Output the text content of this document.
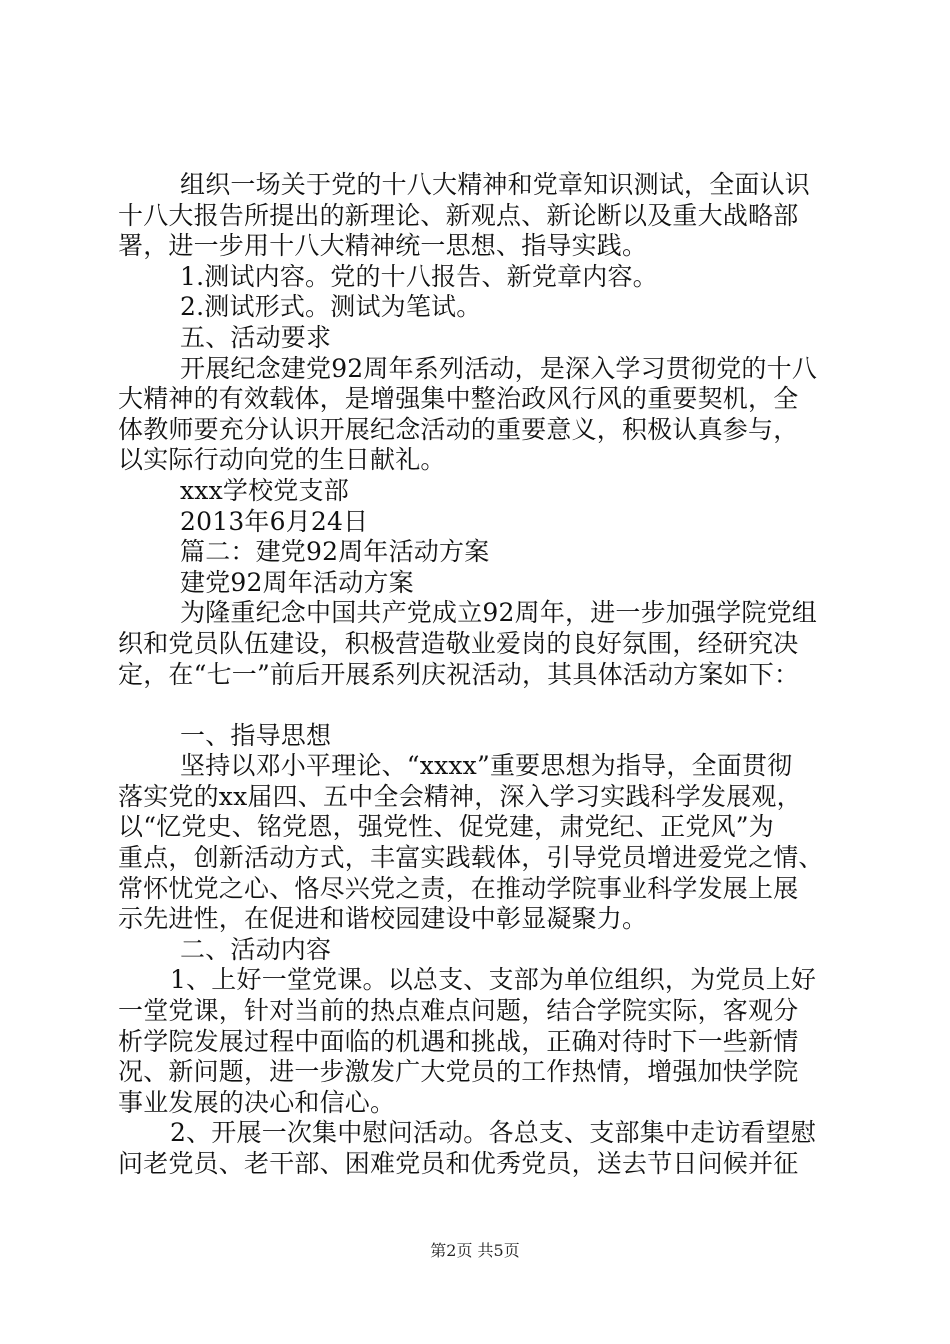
组织一场关于党的十八大精神和党章知识测试，全面认识
十八大报告所提出的新理论、新观点、新论断以及重大战略部
署，进一步用十八大精神统一思想、指导实践。
1.测试内容。党的十八报告、新党章内容。
2.测试形式。测试为笔试。
五、活动要求
开展纪念建党92周年系列活动，是深入学习贯彻党的十八
大精神的有效载体，是增强集中整治政风行风的重要契机，全
体教师要充分认识开展纪念活动的重要意义，积极认真参与，
以实际行动向党的生日献礼。
xxx学校党支部
2013年6月24日
篇二：建党92周年活动方案
建党92周年活动方案
为隆重纪念中国共产党成立92周年，进一步加强学院党组
织和党员队伍建设，积极营造敬业爱岗的良好氛围，经研究决
定，在“七一”前后开展系列庆祝活动，其具体活动方案如下：
一、指导思想
坚持以邓小平理论、“xxxx”重要思想为指导，全面贯彻
落实党的xx届四、五中全会精神，深入学习实践科学发展观，
以“忆党史、铭党恩，强党性、促党建，肃党纪、正党风”为
重点，创新活动方式，丰富实践载体，引导党员增进爱党之情、
常怀忧党之心、恪尽兴党之责，在推动学院事业科学发展上展
示先进性，在促进和谐校园建设中彰显凝聚力。
二、活动内容
1、上好一堂党课。以总支、支部为单位组织，为党员上好
一堂党课，针对当前的热点难点问题，结合学院实际，客观分
析学院发展过程中面临的机遇和挑战，正确对待时下一些新情
况、新问题，进一步激发广大党员的工作热情，增强加快学院
事业发展的决心和信心。
2、开展一次集中慰问活动。各总支、支部集中走访看望慰
问老党员、老干部、困难党员和优秀党员，送去节日问候并征
第2页 共5页
